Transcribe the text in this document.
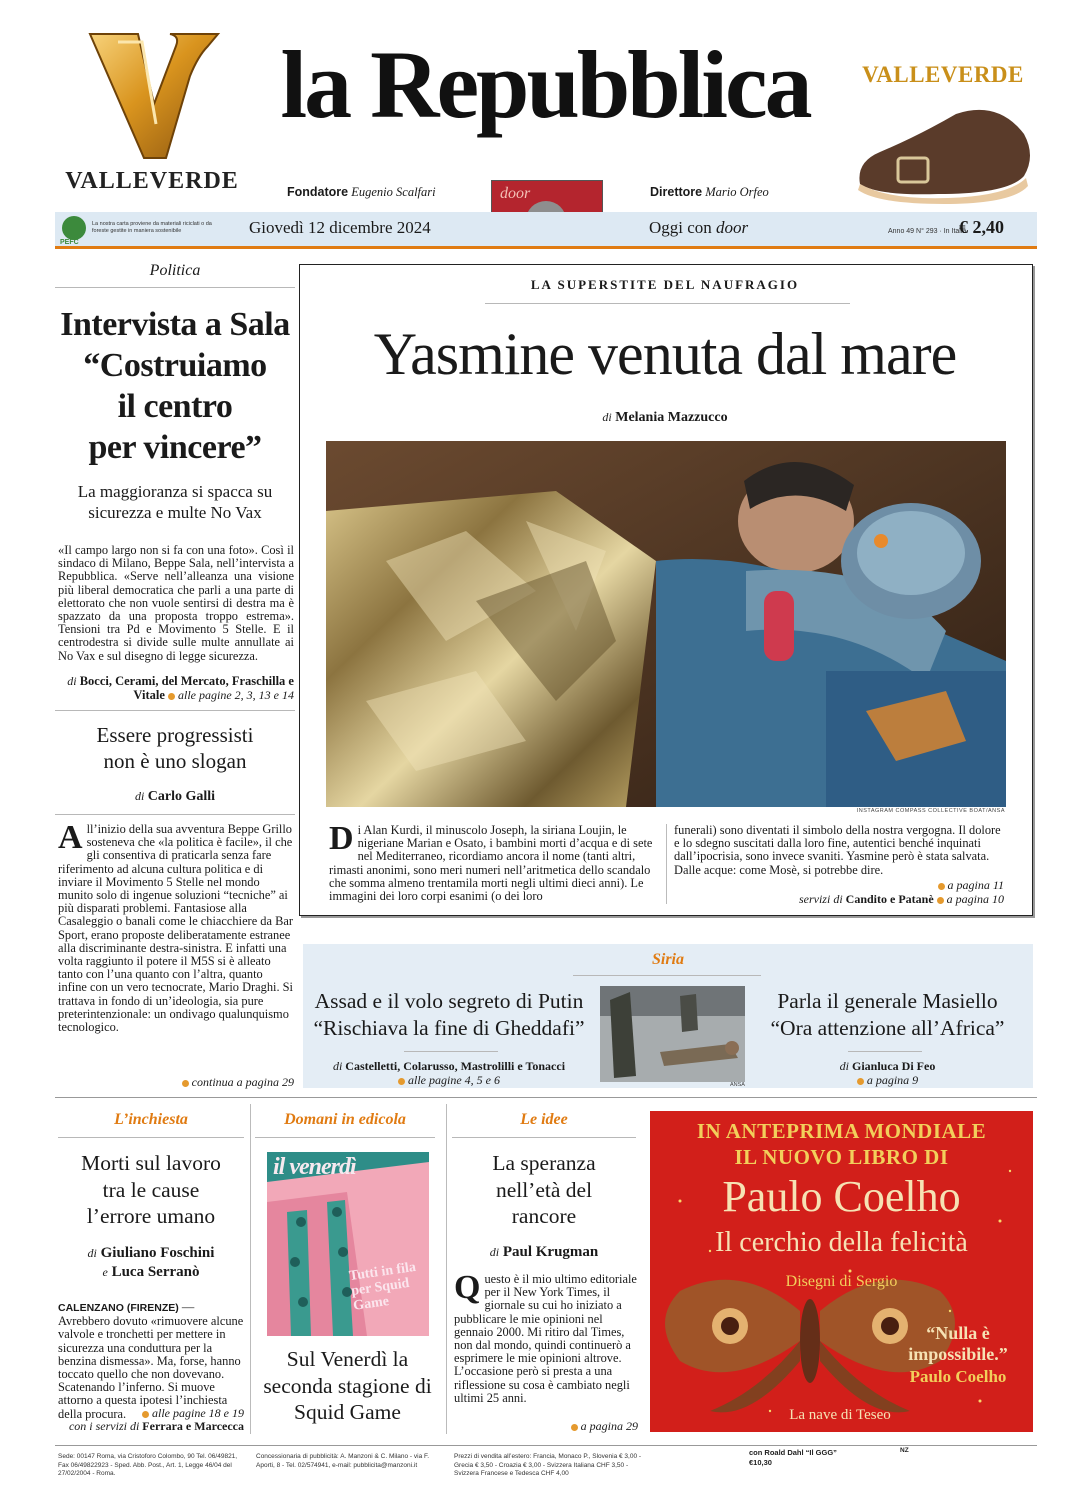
VALLEVERDE
la Repubblica
Fondatore Eugenio Scalfari	door	Direttore Mario Orfeo
VALLEVERDE
PEFC
La nostra carta proviene da materiali riciclati o da foreste gestite in maniera sostenibile	Giovedì 12 dicembre 2024	Oggi con door	Anno 49 N° 293 · In Italia
€ 2,40
Politica
Intervista a Sala
“Costruiamo
il centro
per vincere”
La maggioranza si spacca su sicurezza e multe No Vax
«Il campo largo non si fa con una foto». Così il sindaco di Milano, Beppe Sala, nell’intervista a Repubblica. «Serve nell’alleanza una visione più liberal democratica che parli a una parte di elettorato che non vuole sentirsi di destra ma è spazzato da una proposta troppo estrema». Tensioni tra Pd e Movimento 5 Stelle. E il centrodestra si divide sulle multe annullate ai No Vax e sul disegno di legge sicurezza.
di Bocci, Cerami, del Mercato, Fraschilla e Vitale alle pagine 2, 3, 13 e 14
Essere progressisti non è uno slogan
di Carlo Galli
All’inizio della sua avventura Beppe Grillo sosteneva che «la politica è facile», il che gli consentiva di praticarla senza fare riferimento ad alcuna cultura politica e di inviare il Movimento 5 Stelle nel mondo munito solo di ingenue soluzioni “tecniche” ai più disparati problemi. Fantasiose alla Casaleggio o banali come le chiacchiere da Bar Sport, erano proposte deliberatamente estranee alla discriminante destra-sinistra. E infatti una volta raggiunto il potere il M5S si è alleato tanto con l’una quanto con l’altra, quanto infine con un vero tecnocrate, Mario Draghi. Si trattava in fondo di un’ideologia, sia pure preterintenzionale: un ondivago qualunquismo tecnologico.
continua a pagina 29
LA SUPERSTITE DEL NAUFRAGIO
Yasmine venuta dal mare
di Melania Mazzucco
INSTAGRAM COMPASS COLLECTIVE BOAT/ANSA
Di Alan Kurdi, il minuscolo Joseph, la siriana Loujin, le nigeriane Marian e Osato, i bambini morti d’acqua e di sete nel Mediterraneo, ricordiamo ancora il nome (tanti altri, rimasti anonimi, sono meri numeri nell’aritmetica dello scandalo che somma almeno trentamila morti negli ultimi dieci anni). Le immagini dei loro corpi esanimi (o dei loro
funerali) sono diventati il simbolo della nostra vergogna. Il dolore e lo sdegno suscitati dalla loro fine, autentici benché inquinati dall’ipocrisia, sono invece svaniti. Yasmine però è stata salvata. Dalle acque: come Mosè, si potrebbe dire.
a pagina 11
servizi di Candito e Patanè a pagina 10
Siria
Assad e il volo segreto di Putin “Rischiava la fine di Gheddafi”
di Castelletti, Colarusso, Mastrolilli e Tonacci
alle pagine 4, 5 e 6	ANSA
Parla il generale Masiello “Ora attenzione all’Africa”
di Gianluca Di Feo
a pagina 9
L’inchiesta
Morti sul lavoro tra le cause l’errore umano
di Giuliano Foschini
e Luca Serranò
CALENZANO (FIRENZE) — Avrebbero dovuto «rimuovere alcune valvole e tronchetti per mettere in sicurezza una conduttura per la benzina dismessa». Ma, forse, hanno toccato quello che non dovevano. Scatenando l’inferno. Si muove attorno a questa ipotesi l’inchiesta della procura.	alle pagine 18 e 19
con i servizi di Ferrara e Marcecca
Domani in edicola
il venerdì
Tutti in fila per Squid Game
Sul Venerdì la seconda stagione di Squid Game
Le idee
La speranza nell’età del rancore
di Paul Krugman
Questo è il mio ultimo editoriale per il New York Times, il giornale su cui ho iniziato a pubblicare le mie opinioni nel gennaio 2000. Mi ritiro dal Times, non dal mondo, quindi continuerò a esprimere le mie opinioni altrove. L’occasione però si presta a una riflessione su cosa è cambiato negli ultimi 25 anni.
a pagina 29
IN ANTEPRIMA MONDIALE
IL NUOVO LIBRO DI
Paulo Coelho
Il cerchio della felicità
Disegni di Sergio
“Nulla è impossibile.”
Paulo Coelho
La nave di Teseo
Sede: 00147 Roma, via Cristoforo Colombo, 90 Tel. 06/49821, Fax 06/49822923 - Sped. Abb. Post., Art. 1, Legge 46/04 del 27/02/2004 - Roma.
Concessionaria di pubblicità: A. Manzoni & C. Milano - via F. Aporti, 8 - Tel. 02/574941, e-mail: pubblicita@manzoni.it
Prezzi di vendita all’estero: Francia, Monaco P., Slovenia € 3,00 - Grecia € 3,50 - Croazia € 3,00 - Svizzera Italiana CHF 3,50 - Svizzera Francese e Tedesca CHF 4,00
con Roald Dahl “Il GGG” €10,30
NZ
